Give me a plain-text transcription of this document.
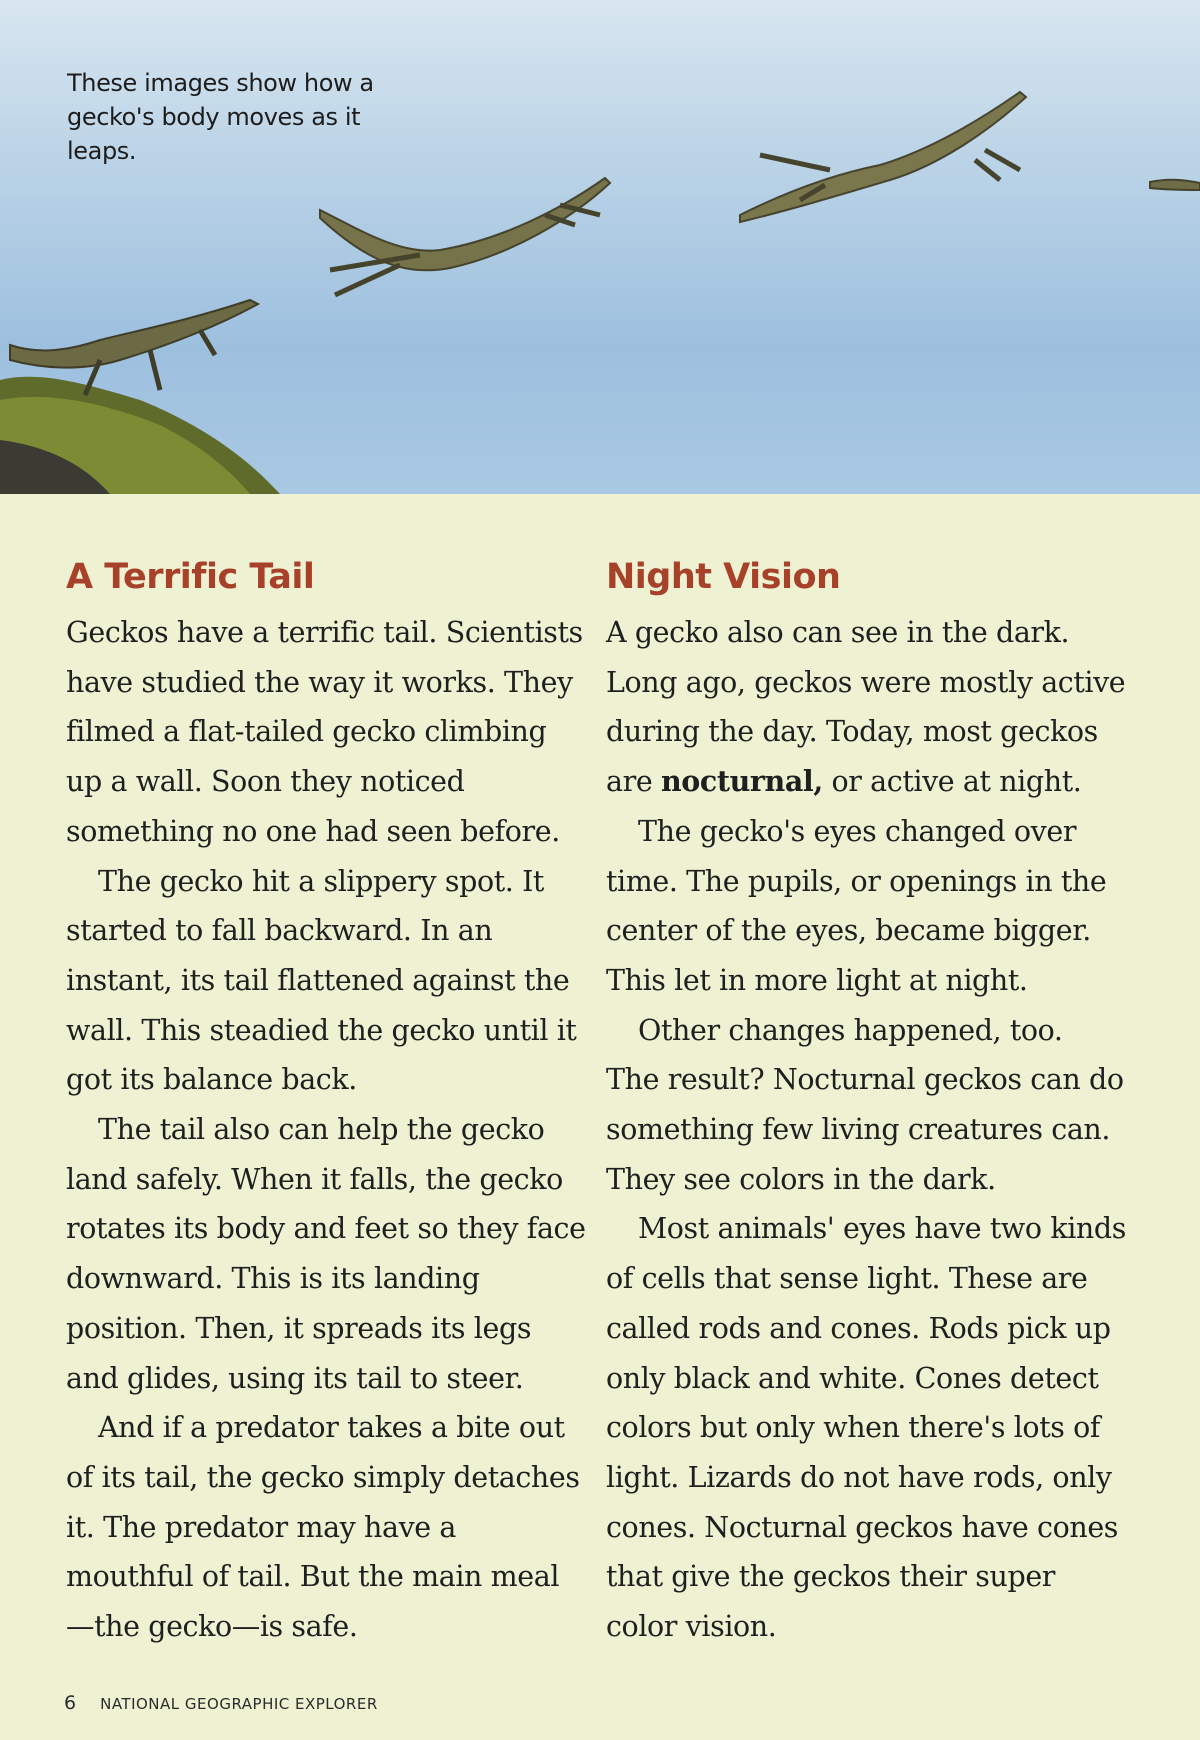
These images show how a gecko's body moves as it leaps.

A Terrific Tail

Geckos have a terrific tail. Scientists have studied the way it works. They filmed a flat-tailed gecko climbing up a wall. Soon they noticed something no one had seen before.

The gecko hit a slippery spot. It started to fall backward. In an instant, its tail flattened against the wall. This steadied the gecko until it got its balance back.

The tail also can help the gecko land safely. When it falls, the gecko rotates its body and feet so they face downward. This is its landing position. Then, it spreads its legs and glides, using its tail to steer.

And if a predator takes a bite out of its tail, the gecko simply detaches it. The predator may have a mouthful of tail. But the main meal—the gecko—is safe.

Night Vision

A gecko also can see in the dark. Long ago, geckos were mostly active during the day. Today, most geckos are nocturnal, or active at night.

The gecko's eyes changed over time. The pupils, or openings in the center of the eyes, became bigger. This let in more light at night.

Other changes happened, too.

The result? Nocturnal geckos can do something few living creatures can. They see colors in the dark.

Most animals' eyes have two kinds of cells that sense light. These are called rods and cones. Rods pick up only black and white. Cones detect colors but only when there's lots of light. Lizards do not have rods, only cones. Nocturnal geckos have cones that give the geckos their super color vision.

6 NATIONAL GEOGRAPHIC EXPLORER
